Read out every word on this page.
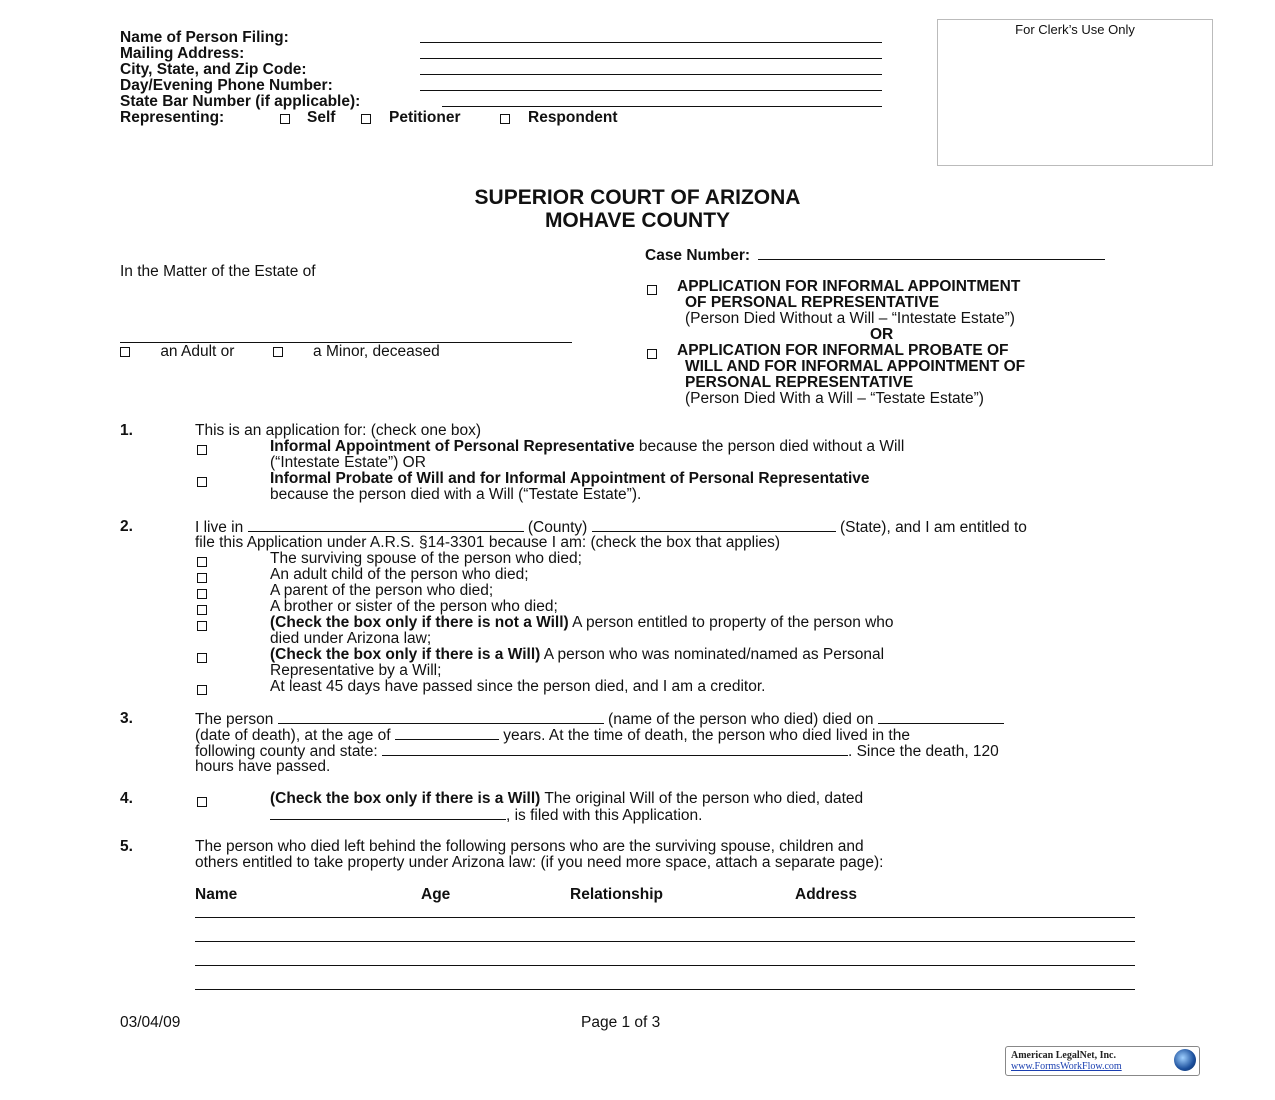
Name of Person Filing:
Mailing Address:
City, State, and Zip Code:
Day/Evening Phone Number:
State Bar Number (if applicable):
Representing:	Self	Petitioner	Respondent
For Clerk’s Use Only
SUPERIOR COURT OF ARIZONA
MOHAVE COUNTY
Case Number:
In the Matter of the Estate of
an Adult or	a Minor, deceased
APPLICATION FOR INFORMAL APPOINTMENT
OF PERSONAL REPRESENTATIVE
(Person Died Without a Will – “Intestate Estate”)
OR
APPLICATION FOR INFORMAL PROBATE OF
WILL AND FOR INFORMAL APPOINTMENT OF
PERSONAL REPRESENTATIVE
(Person Died With a Will – “Testate Estate”)
1.	This is an application for: (check one box)
Informal Appointment of Personal Representative because the person died without a Will
(“Intestate Estate”) OR
Informal Probate of Will and for Informal Appointment of Personal Representative
because the person died with a Will (“Testate Estate”).
2.	I live in	(County)	(State), and I am entitled to
file this Application under A.R.S. §14-3301 because I am: (check the box that applies)
The surviving spouse of the person who died;
An adult child of the person who died;
A parent of the person who died;
A brother or sister of the person who died;
(Check the box only if there is not a Will) A person entitled to property of the person who
died under Arizona law;
(Check the box only if there is a Will) A person who was nominated/named as Personal
Representative by a Will;
At least 45 days have passed since the person died, and I am a creditor.
3.	The person	(name of the person who died) died on
(date of death), at the age of	years. At the time of death, the person who died lived in the
following county and state:	. Since the death, 120
hours have passed.
4.	(Check the box only if there is a Will) The original Will of the person who died, dated
, is filed with this Application.
5.	The person who died left behind the following persons who are the surviving spouse, children and
others entitled to take property under Arizona law: (if you need more space, attach a separate page):
Name	Age	Relationship	Address
03/04/09	Page 1 of 3
American LegalNet, Inc.
www.FormsWorkFlow.com
